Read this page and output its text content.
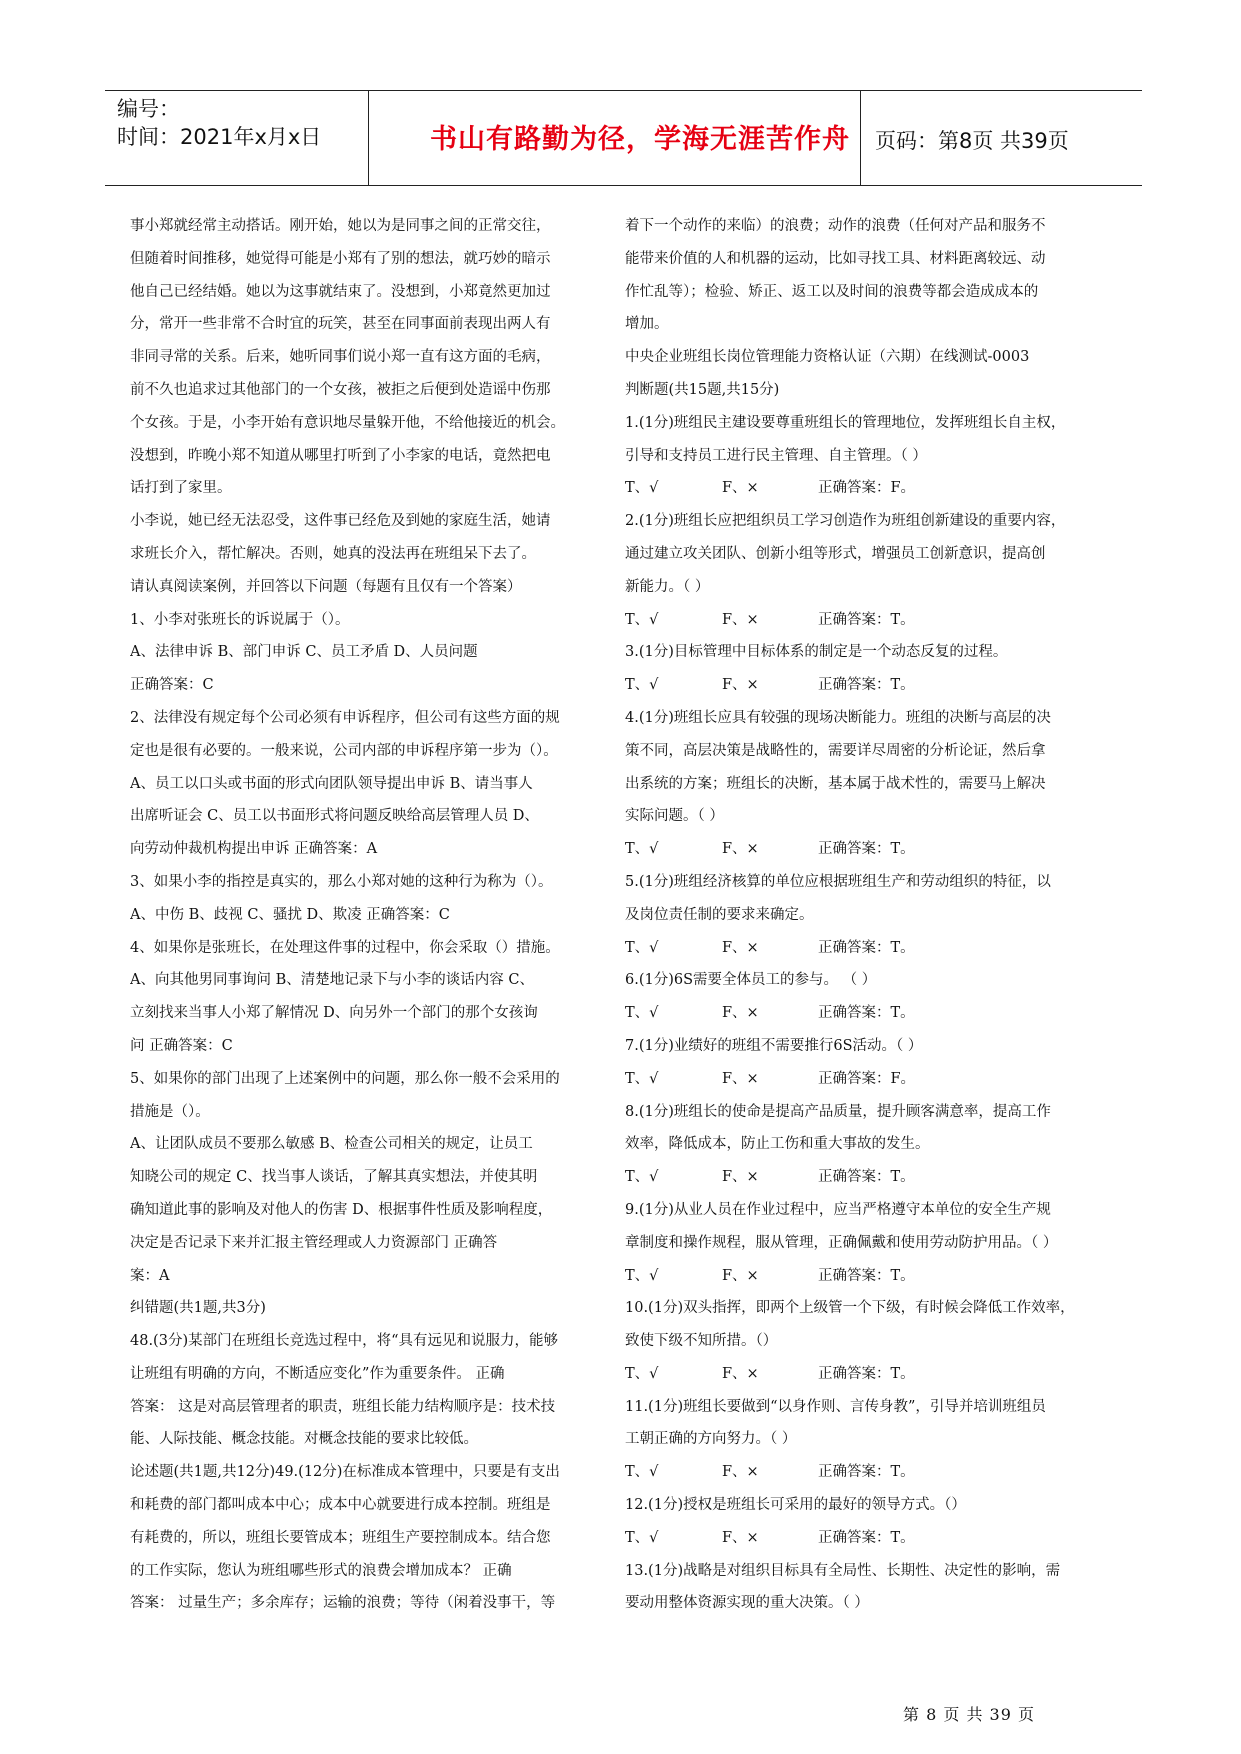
编号：
时间：2021年x月x日	书山有路勤为径，学海无涯苦作舟	页码：第8页 共39页

事小郑就经常主动搭话。刚开始，她以为是同事之间的正常交往，

但随着时间推移，她觉得可能是小郑有了别的想法，就巧妙的暗示

他自己已经结婚。她以为这事就结束了。没想到，小郑竟然更加过

分，常开一些非常不合时宜的玩笑，甚至在同事面前表现出两人有

非同寻常的关系。后来，她听同事们说小郑一直有这方面的毛病，

前不久也追求过其他部门的一个女孩，被拒之后便到处造谣中伤那

个女孩。于是，小李开始有意识地尽量躲开他，不给他接近的机会。

没想到，昨晚小郑不知道从哪里打听到了小李家的电话，竟然把电

话打到了家里。

小李说，她已经无法忍受，这件事已经危及到她的家庭生活，她请

求班长介入，帮忙解决。否则，她真的没法再在班组呆下去了。

请认真阅读案例，并回答以下问题（每题有且仅有一个答案）

1、小李对张班长的诉说属于（）。

A、法律申诉 B、部门申诉 C、员工矛盾 D、人员问题

正确答案：C

2、法律没有规定每个公司必须有申诉程序，但公司有这些方面的规

定也是很有必要的。一般来说，公司内部的申诉程序第一步为（）。

A、员工以口头或书面的形式向团队领导提出申诉 B、请当事人

出席听证会 C、员工以书面形式将问题反映给高层管理人员 D、

向劳动仲裁机构提出申诉 正确答案：A

3、如果小李的指控是真实的，那么小郑对她的这种行为称为（）。

A、中伤 B、歧视 C、骚扰 D、欺凌 正确答案：C

4、如果你是张班长，在处理这件事的过程中，你会采取（）措施。

A、向其他男同事询问 B、清楚地记录下与小李的谈话内容 C、

立刻找来当事人小郑了解情况 D、向另外一个部门的那个女孩询

问 正确答案：C

5、如果你的部门出现了上述案例中的问题，那么你一般不会采用的

措施是（）。

A、让团队成员不要那么敏感 B、检查公司相关的规定，让员工

知晓公司的规定 C、找当事人谈话，了解其真实想法，并使其明

确知道此事的影响及对他人的伤害 D、根据事件性质及影响程度，

决定是否记录下来并汇报主管经理或人力资源部门 正确答

案：A

纠错题(共1题,共3分)

48.(3分)某部门在班组长竞选过程中，将“具有远见和说服力，能够

让班组有明确的方向，不断适应变化”作为重要条件。 正确

答案： 这是对高层管理者的职责，班组长能力结构顺序是：技术技

能、人际技能、概念技能。对概念技能的要求比较低。

论述题(共1题,共12分)49.(12分)在标准成本管理中，只要是有支出

和耗费的部门都叫成本中心；成本中心就要进行成本控制。班组是

有耗费的，所以，班组长要管成本；班组生产要控制成本。结合您

的工作实际，您认为班组哪些形式的浪费会增加成本？ 正确

答案： 过量生产；多余库存；运输的浪费；等待（闲着没事干，等

着下一个动作的来临）的浪费；动作的浪费（任何对产品和服务不

能带来价值的人和机器的运动，比如寻找工具、材料距离较远、动

作忙乱等）；检验、矫正、返工以及时间的浪费等都会造成成本的

增加。

中央企业班组长岗位管理能力资格认证（六期）在线测试-0003

判断题(共15题,共15分)

1.(1分)班组民主建设要尊重班组长的管理地位，发挥班组长自主权，

引导和支持员工进行民主管理、自主管理。（ ）

T、√	F、×	正确答案：F。

2.(1分)班组长应把组织员工学习创造作为班组创新建设的重要内容，

通过建立攻关团队、创新小组等形式，增强员工创新意识，提高创

新能力。（ ）

T、√	F、×	正确答案：T。

3.(1分)目标管理中目标体系的制定是一个动态反复的过程。

T、√	F、×	正确答案：T。

4.(1分)班组长应具有较强的现场决断能力。班组的决断与高层的决

策不同，高层决策是战略性的，需要详尽周密的分析论证，然后拿

出系统的方案；班组长的决断，基本属于战术性的，需要马上解决

实际问题。（ ）

T、√	F、×	正确答案：T。

5.(1分)班组经济核算的单位应根据班组生产和劳动组织的特征，以

及岗位责任制的要求来确定。

T、√	F、×	正确答案：T。

6.(1分)6S需要全体员工的参与。 （ ）

T、√	F、×	正确答案：T。

7.(1分)业绩好的班组不需要推行6S活动。（ ）

T、√	F、×	正确答案：F。

8.(1分)班组长的使命是提高产品质量，提升顾客满意率，提高工作

效率，降低成本，防止工伤和重大事故的发生。

T、√	F、×	正确答案：T。

9.(1分)从业人员在作业过程中，应当严格遵守本单位的安全生产规

章制度和操作规程，服从管理，正确佩戴和使用劳动防护用品。（ ）

T、√	F、×	正确答案：T。

10.(1分)双头指挥，即两个上级管一个下级，有时候会降低工作效率，

致使下级不知所措。（）

T、√	F、×	正确答案：T。

11.(1分)班组长要做到“以身作则、言传身教”，引导并培训班组员

工朝正确的方向努力。（ ）

T、√	F、×	正确答案：T。

12.(1分)授权是班组长可采用的最好的领导方式。（）

T、√	F、×	正确答案：T。

13.(1分)战略是对组织目标具有全局性、长期性、决定性的影响，需

要动用整体资源实现的重大决策。（ ）

第 8 页 共 39 页
